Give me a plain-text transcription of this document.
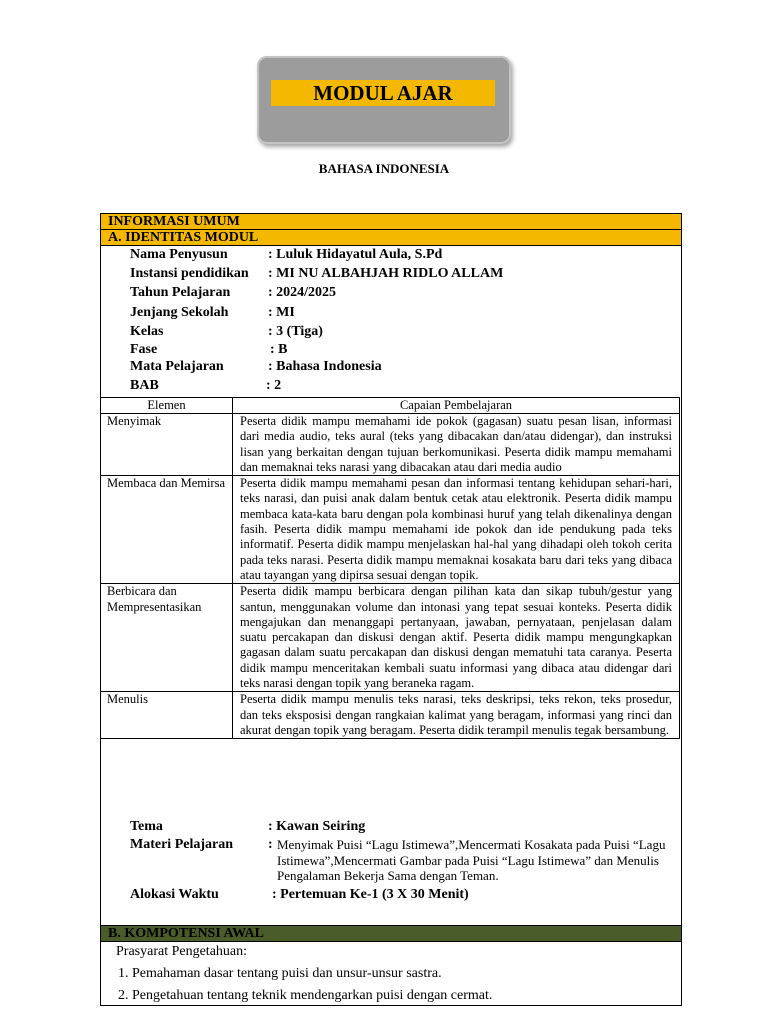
MODUL AJAR
BAHASA INDONESIA
INFORMASI UMUM
A. IDENTITAS MODUL
Nama Penyusun	: Luluk Hidayatul Aula, S.Pd
Instansi pendidikan : MI NU ALBAHJAH RIDLO ALLAM
Tahun Pelajaran	: 2024/2025
Jenjang Sekolah	: MI
Kelas	: 3 (Tiga)
Fase	: B
Mata Pelajaran	: Bahasa Indonesia
BAB	: 2
Elemen	Capaian Pembelajaran
Menyimak	Peserta didik mampu memahami ide pokok (gagasan) suatu pesan lisan, informasi dari media audio, teks aural (teks yang dibacakan dan/atau didengar), dan instruksi lisan yang berkaitan dengan tujuan berkomunikasi. Peserta didik mampu memahami dan memaknai teks narasi yang dibacakan atau dari media audio
Membaca dan Memirsa	Peserta didik mampu memahami pesan dan informasi tentang kehidupan sehari-hari, teks narasi, dan puisi anak dalam bentuk cetak atau elektronik. Peserta didik mampu membaca kata-kata baru dengan pola kombinasi huruf yang telah dikenalinya dengan fasih. Peserta didik mampu memahami ide pokok dan ide pendukung pada teks informatif. Peserta didik mampu menjelaskan hal-hal yang dihadapi oleh tokoh cerita pada teks narasi. Peserta didik mampu memaknai kosakata baru dari teks yang dibaca atau tayangan yang dipirsa sesuai dengan topik.
Berbicara dan Mempresentasikan	Peserta didik mampu berbicara dengan pilihan kata dan sikap tubuh/gestur yang santun, menggunakan volume dan intonasi yang tepat sesuai konteks. Peserta didik mengajukan dan menanggapi pertanyaan, jawaban, pernyataan, penjelasan dalam suatu percakapan dan diskusi dengan aktif. Peserta didik mampu mengungkapkan gagasan dalam suatu percakapan dan diskusi dengan mematuhi tata caranya. Peserta didik mampu menceritakan kembali suatu informasi yang dibaca atau didengar dari teks narasi dengan topik yang beraneka ragam.
Menulis	Peserta didik mampu menulis teks narasi, teks deskripsi, teks rekon, teks prosedur, dan teks eksposisi dengan rangkaian kalimat yang beragam, informasi yang rinci dan akurat dengan topik yang beragam. Peserta didik terampil menulis tegak bersambung.
Tema	: Kawan Seiring
Materi Pelajaran : Menyimak Puisi “Lagu Istimewa”,Mencermati Kosakata pada Puisi “Lagu Istimewa”,Mencermati Gambar pada Puisi “Lagu Istimewa” dan Menulis Pengalaman Bekerja Sama dengan Teman.
Alokasi Waktu	: Pertemuan Ke-1 (3 X 30 Menit)
B. KOMPOTENSI AWAL
Prasyarat Pengetahuan:
1. Pemahaman dasar tentang puisi dan unsur-unsur sastra.
2. Pengetahuan tentang teknik mendengarkan puisi dengan cermat.
